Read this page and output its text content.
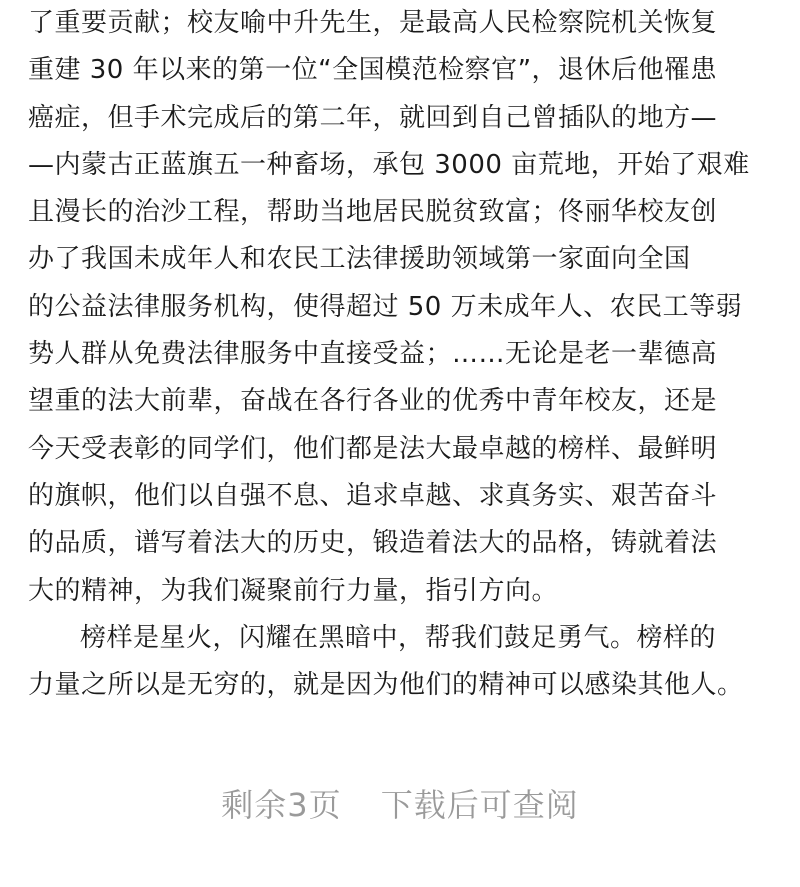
了重要贡献；校友喻中升先生，是最高人民检察院机关恢复
重建 30 年以来的第一位“全国模范检察官”，退休后他罹患
癌症，但手术完成后的第二年，就回到自己曾插队的地方—
—内蒙古正蓝旗五一种畜场，承包 3000 亩荒地，开始了艰难
且漫长的治沙工程，帮助当地居民脱贫致富；佟丽华校友创
办了我国未成年人和农民工法律援助领域第一家面向全国
的公益法律服务机构，使得超过 50 万未成年人、农民工等弱
势人群从免费法律服务中直接受益；……无论是老一辈德高
望重的法大前辈，奋战在各行各业的优秀中青年校友，还是
今天受表彰的同学们，他们都是法大最卓越的榜样、最鲜明
的旗帜，他们以自强不息、追求卓越、求真务实、艰苦奋斗
的品质，谱写着法大的历史，锻造着法大的品格，铸就着法
大的精神，为我们凝聚前行力量，指引方向。
榜样是星火，闪耀在黑暗中，帮我们鼓足勇气。榜样的
力量之所以是无穷的，就是因为他们的精神可以感染其他人。
剩余3页 下载后可查阅
